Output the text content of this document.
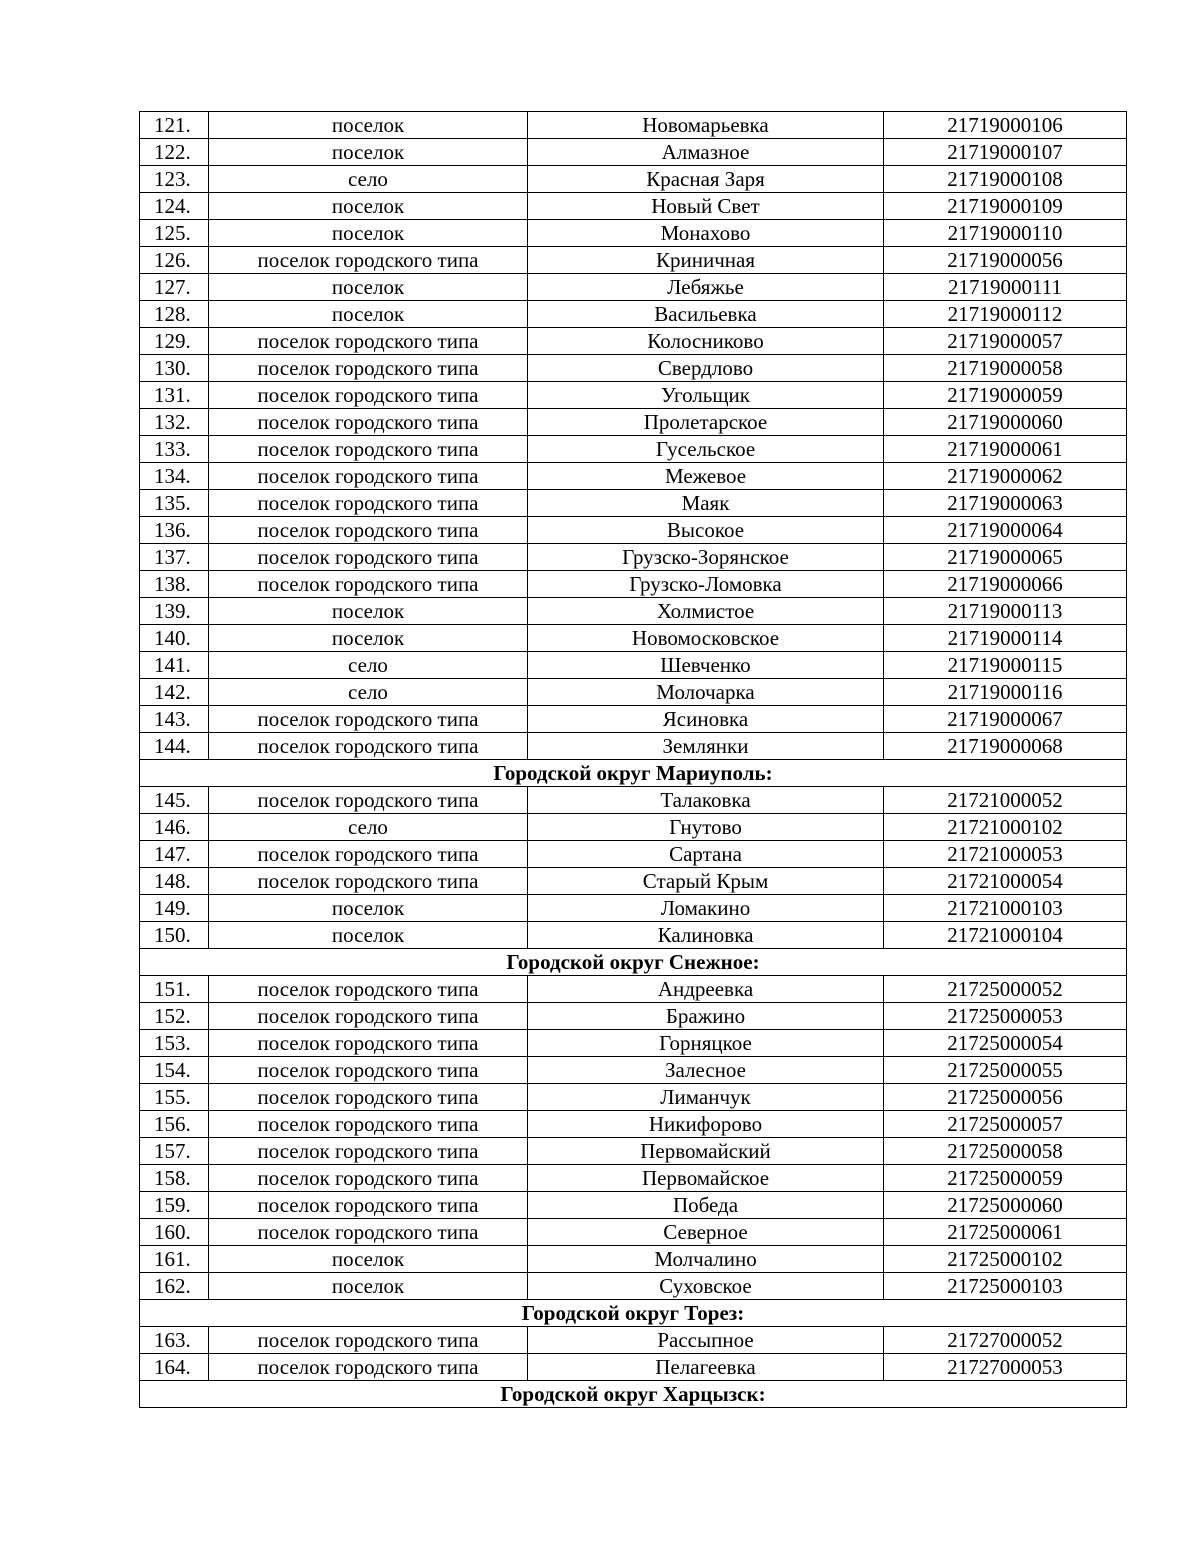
121.	поселок	Новомарьевка	21719000106
122.	поселок	Алмазное	21719000107
123.	село	Красная Заря	21719000108
124.	поселок	Новый Свет	21719000109
125.	поселок	Монахово	21719000110
126.	поселок городского типа	Криничная	21719000056
127.	поселок	Лебяжье	21719000111
128.	поселок	Васильевка	21719000112
129.	поселок городского типа	Колосниково	21719000057
130.	поселок городского типа	Свердлово	21719000058
131.	поселок городского типа	Угольщик	21719000059
132.	поселок городского типа	Пролетарское	21719000060
133.	поселок городского типа	Гусельское	21719000061
134.	поселок городского типа	Межевое	21719000062
135.	поселок городского типа	Маяк	21719000063
136.	поселок городского типа	Высокое	21719000064
137.	поселок городского типа	Грузско-Зорянское	21719000065
138.	поселок городского типа	Грузско-Ломовка	21719000066
139.	поселок	Холмистое	21719000113
140.	поселок	Новомосковское	21719000114
141.	село	Шевченко	21719000115
142.	село	Молочарка	21719000116
143.	поселок городского типа	Ясиновка	21719000067
144.	поселок городского типа	Землянки	21719000068
Городской округ Мариуполь:			
145.	поселок городского типа	Талаковка	21721000052
146.	село	Гнутово	21721000102
147.	поселок городского типа	Сартана	21721000053
148.	поселок городского типа	Старый Крым	21721000054
149.	поселок	Ломакино	21721000103
150.	поселок	Калиновка	21721000104
Городской округ Снежное:			
151.	поселок городского типа	Андреевка	21725000052
152.	поселок городского типа	Бражино	21725000053
153.	поселок городского типа	Горняцкое	21725000054
154.	поселок городского типа	Залесное	21725000055
155.	поселок городского типа	Лиманчук	21725000056
156.	поселок городского типа	Никифорово	21725000057
157.	поселок городского типа	Первомайский	21725000058
158.	поселок городского типа	Первомайское	21725000059
159.	поселок городского типа	Победа	21725000060
160.	поселок городского типа	Северное	21725000061
161.	поселок	Молчалино	21725000102
162.	поселок	Суховское	21725000103
Городской округ Торез:			
163.	поселок городского типа	Рассыпное	21727000052
164.	поселок городского типа	Пелагеевка	21727000053
Городской округ Харцызск:			
